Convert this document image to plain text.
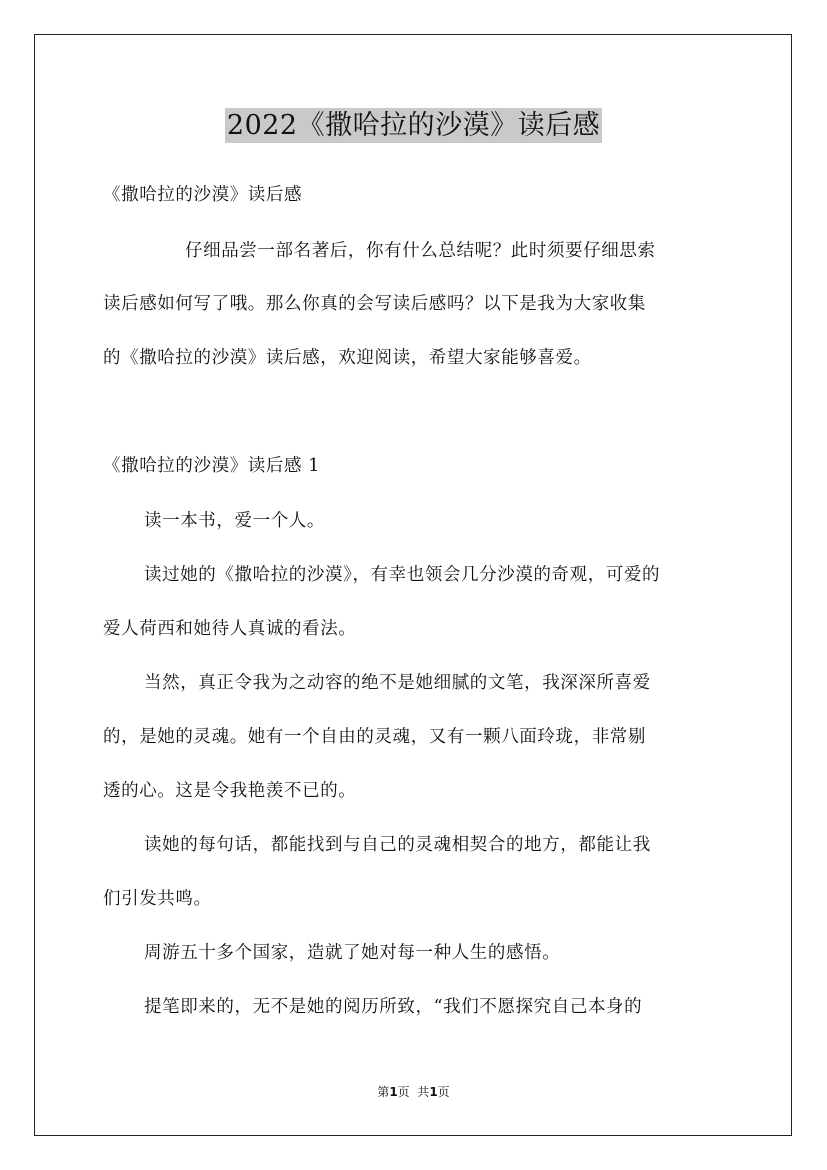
2022《撒哈拉的沙漠》读后感
《撒哈拉的沙漠》读后感
仔细品尝一部名著后，你有什么总结呢？此时须要仔细思索
读后感如何写了哦。那么你真的会写读后感吗？以下是我为大家收集
的《撒哈拉的沙漠》读后感，欢迎阅读，希望大家能够喜爱。
《撒哈拉的沙漠》读后感 1
读一本书，爱一个人。
读过她的《撒哈拉的沙漠》，有幸也领会几分沙漠的奇观，可爱的
爱人荷西和她待人真诚的看法。
当然，真正令我为之动容的绝不是她细腻的文笔，我深深所喜爱
的，是她的灵魂。她有一个自由的灵魂，又有一颗八面玲珑，非常剔
透的心。这是令我艳羡不已的。
读她的每句话，都能找到与自己的灵魂相契合的地方，都能让我
们引发共鸣。
周游五十多个国家，造就了她对每一种人生的感悟。
提笔即来的，无不是她的阅历所致，“我们不愿探究自己本身的
第1页  共1页
